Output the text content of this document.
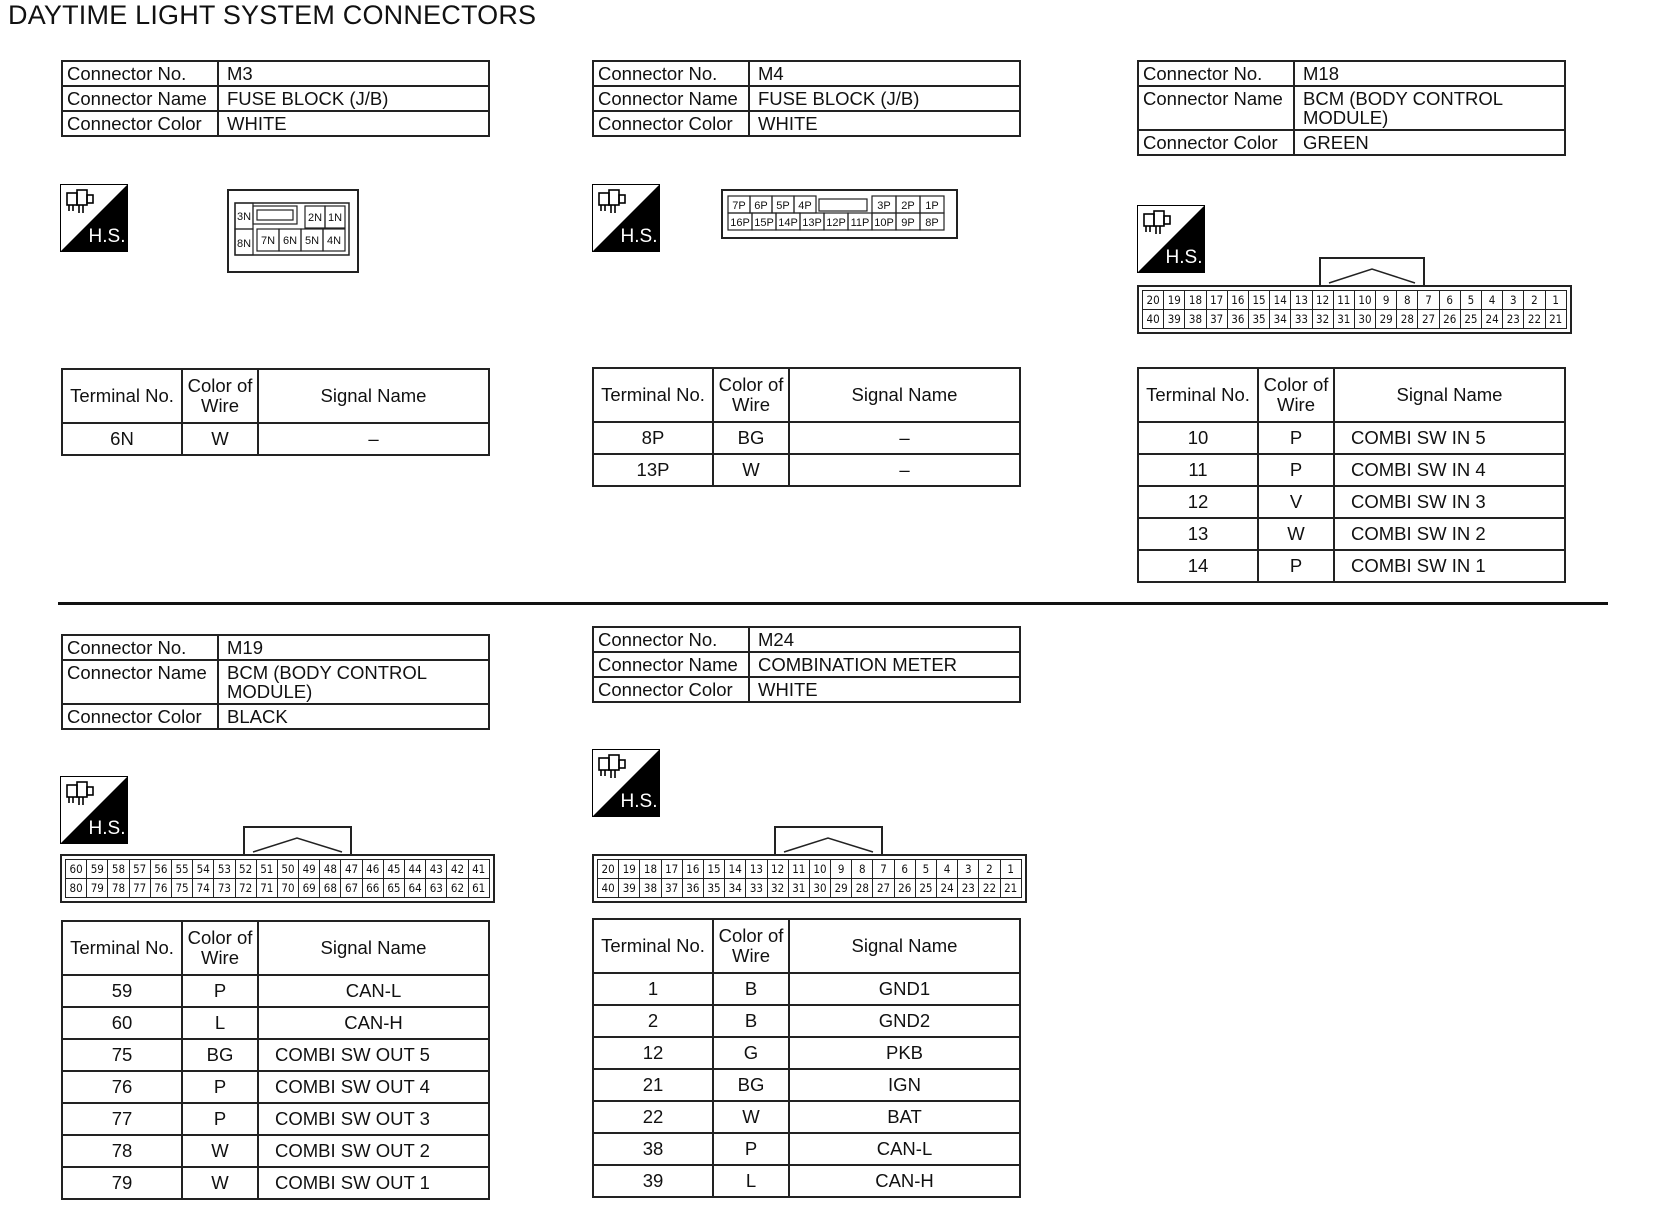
DAYTIME LIGHT SYSTEM CONNECTORS
Connector No.	M3
Connector Name	FUSE BLOCK (J/B)
Connector Color	WHITE
H.S.
3N	2N 1N
8N 7N 6N 5N 4N
Terminal No.	Color of
Wire	Signal Name
6N	W	–
Connector No.	M4
Connector Name	FUSE BLOCK (J/B)
Connector Color	WHITE
H.S.
7P 6P 5P 4P	3P 2P 1P
16P 15P 14P 13P 12P 11P 10P 9P 8P
Terminal No.	Color of
Wire	Signal Name
8P	BG	–
13P	W	–
Connector No.	M18
Connector Name	BCM (BODY CONTROL
MODULE)
Connector Color	GREEN
H.S.
20	19	18	17	16	15	14	13	12	11	10	9	8	7	6	5	4	3	2	1
40	39	38	37	36	35	34	33	32	31	30	29	28	27	26	25	24	23	22	21
Terminal No.	Color of
Wire	Signal Name
10	P	COMBI SW IN 5
11	P	COMBI SW IN 4
12	V	COMBI SW IN 3
13	W	COMBI SW IN 2
14	P	COMBI SW IN 1
Connector No.	M19
Connector Name	BCM (BODY CONTROL
MODULE)
Connector Color	BLACK
H.S.
60	59	58	57	56	55	54	53	52	51	50	49	48	47	46	45	44	43	42	41
80	79	78	77	76	75	74	73	72	71	70	69	68	67	66	65	64	63	62	61
Terminal No.	Color of
Wire	Signal Name
59	P	CAN-L
60	L	CAN-H
75	BG	COMBI SW OUT 5
76	P	COMBI SW OUT 4
77	P	COMBI SW OUT 3
78	W	COMBI SW OUT 2
79	W	COMBI SW OUT 1
Connector No.	M24
Connector Name	COMBINATION METER
Connector Color	WHITE
H.S.
20	19	18	17	16	15	14	13	12	11	10	9	8	7	6	5	4	3	2	1
40	39	38	37	36	35	34	33	32	31	30	29	28	27	26	25	24	23	22	21
Terminal No.	Color of
Wire	Signal Name
1	B	GND1
2	B	GND2
12	G	PKB
21	BG	IGN
22	W	BAT
38	P	CAN-L
39	L	CAN-H
